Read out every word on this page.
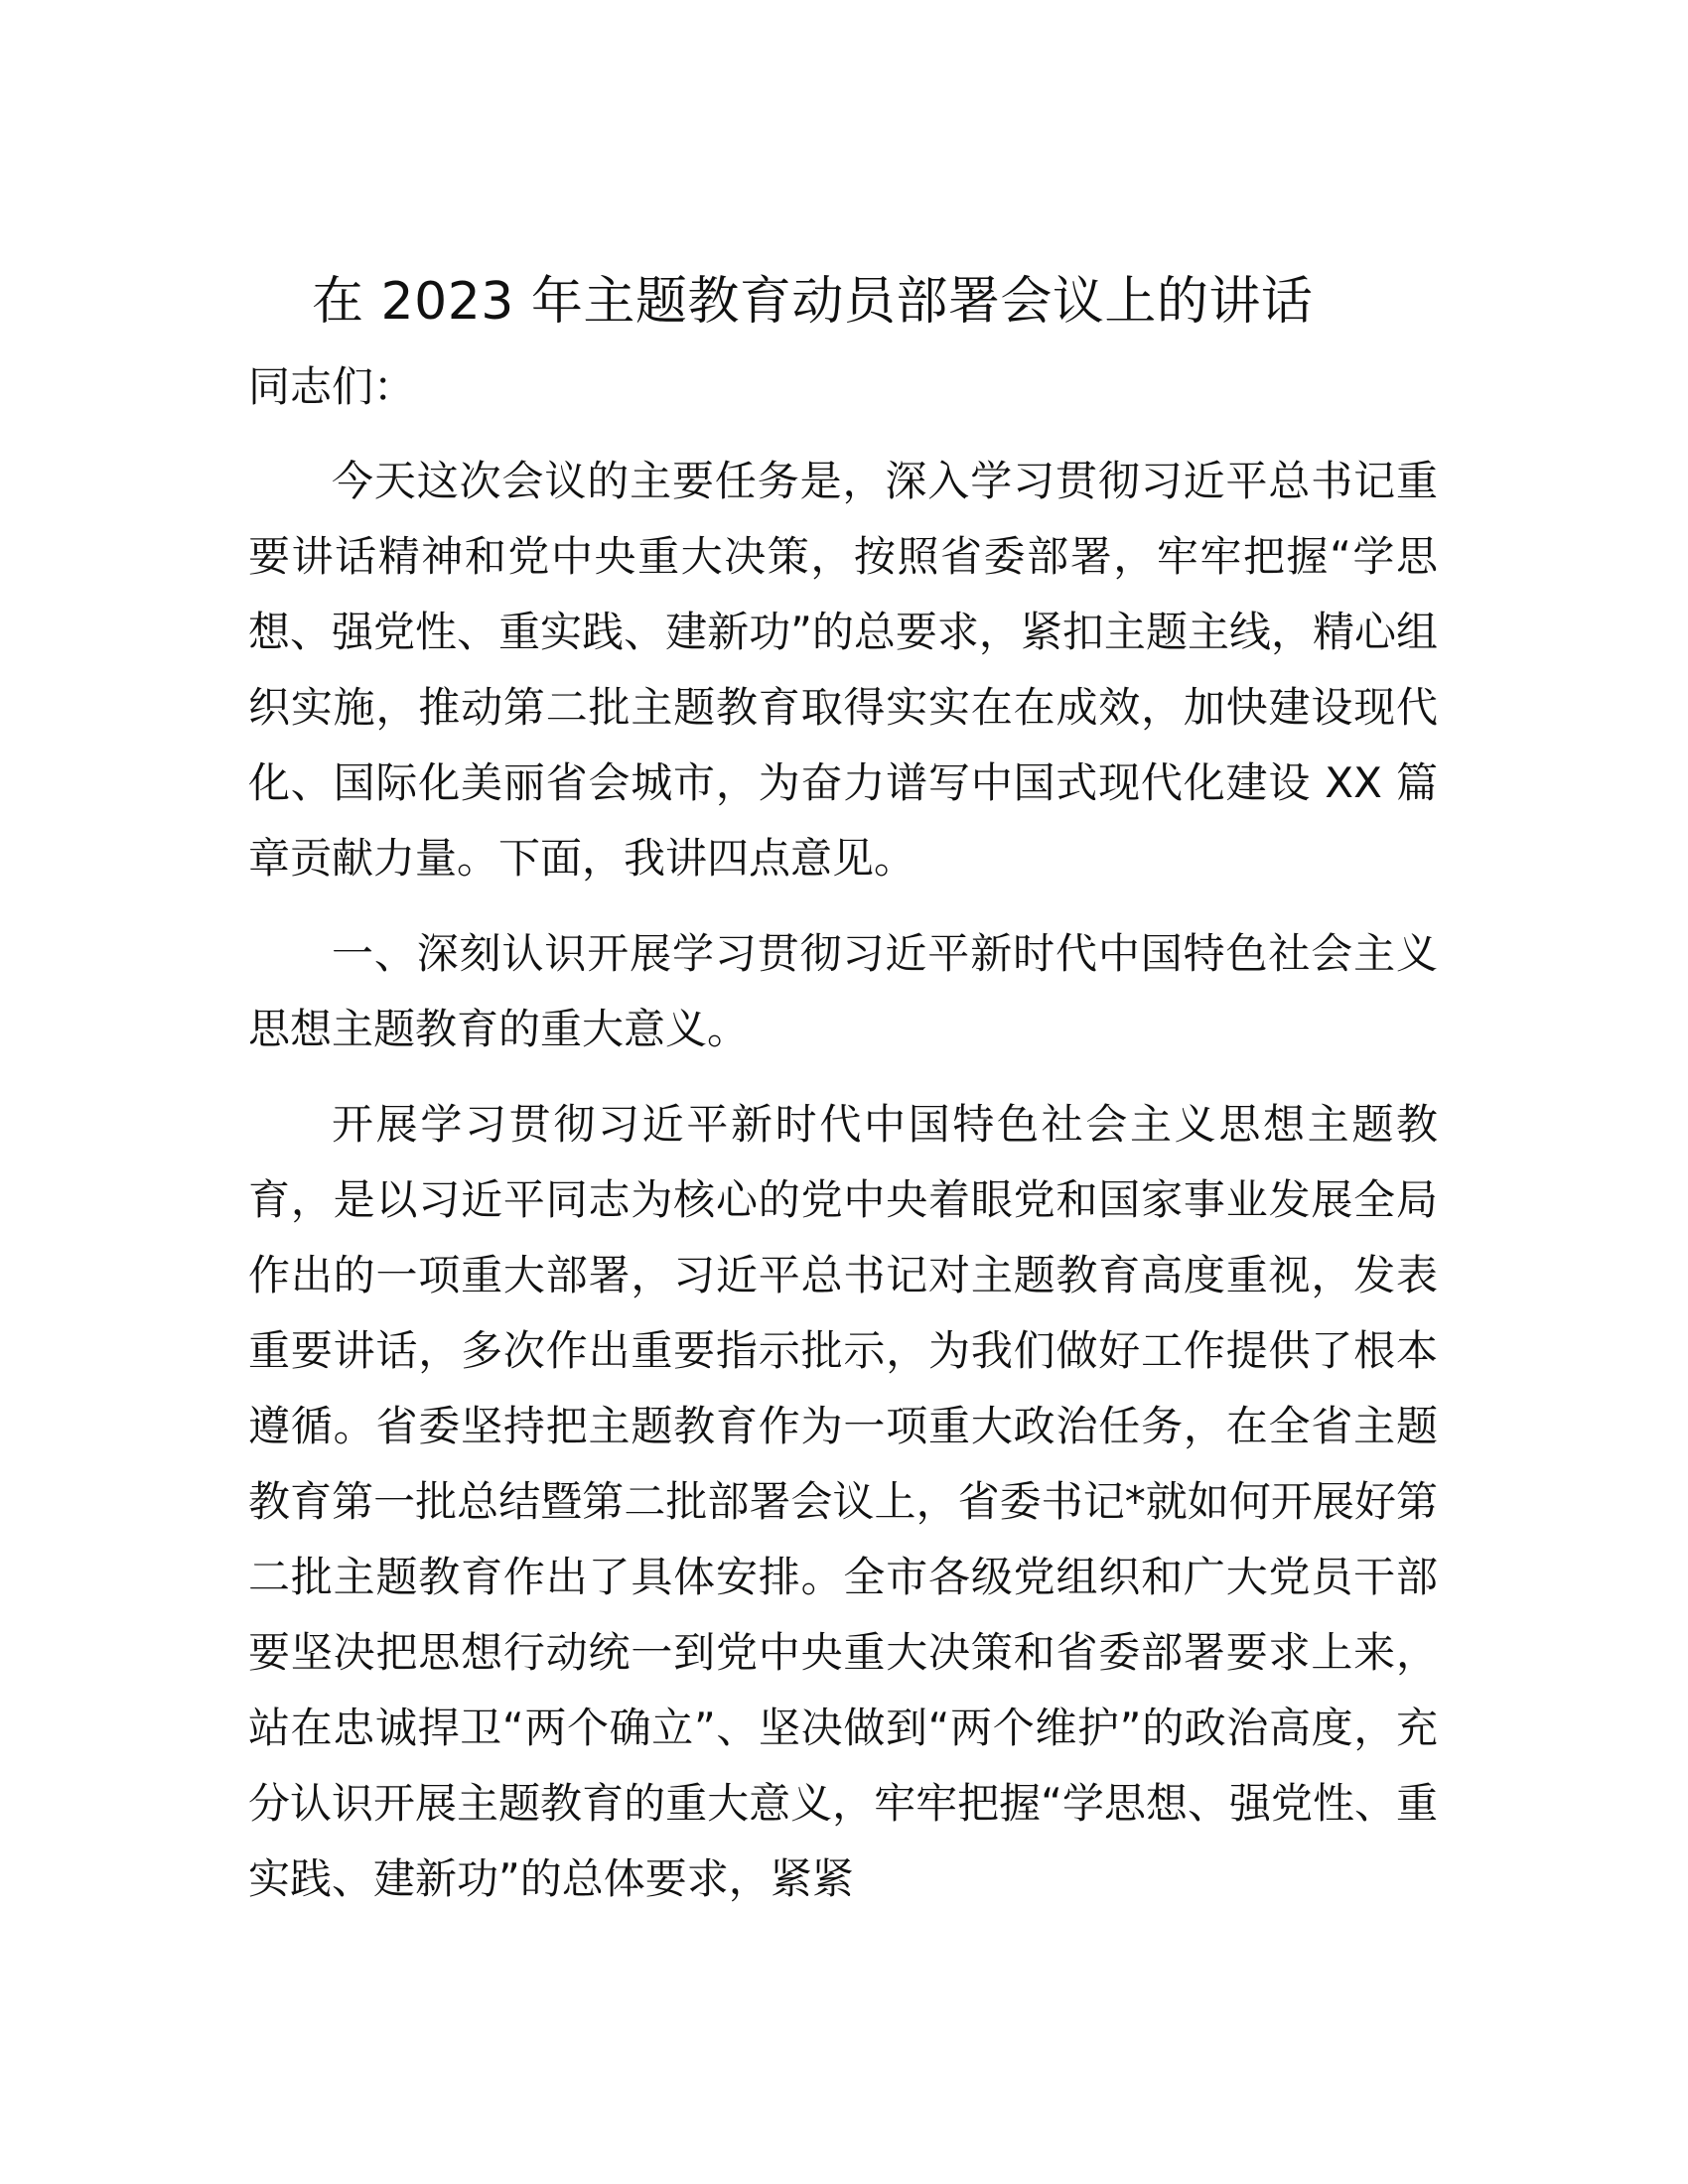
在 2023 年主题教育动员部署会议上的讲话

同志们：

今天这次会议的主要任务是，深入学习贯彻习近平总书记重要讲话精神和党中央重大决策，按照省委部署，牢牢把握“学思想、强党性、重实践、建新功”的总要求，紧扣主题主线，精心组织实施，推动第二批主题教育取得实实在在成效，加快建设现代化、国际化美丽省会城市，为奋力谱写中国式现代化建设 XX 篇章贡献力量。下面，我讲四点意见。

一、深刻认识开展学习贯彻习近平新时代中国特色社会主义思想主题教育的重大意义。

开展学习贯彻习近平新时代中国特色社会主义思想主题教育，是以习近平同志为核心的党中央着眼党和国家事业发展全局作出的一项重大部署，习近平总书记对主题教育高度重视，发表重要讲话，多次作出重要指示批示，为我们做好工作提供了根本遵循。省委坚持把主题教育作为一项重大政治任务，在全省主题教育第一批总结暨第二批部署会议上，省委书记*就如何开展好第二批主题教育作出了具体安排。全市各级党组织和广大党员干部要坚决把思想行动统一到党中央重大决策和省委部署要求上来，站在忠诚捍卫“两个确立”、坚决做到“两个维护”的政治高度，充分认识开展主题教育的重大意义，牢牢把握“学思想、强党性、重实践、建新功”的总体要求，紧紧
